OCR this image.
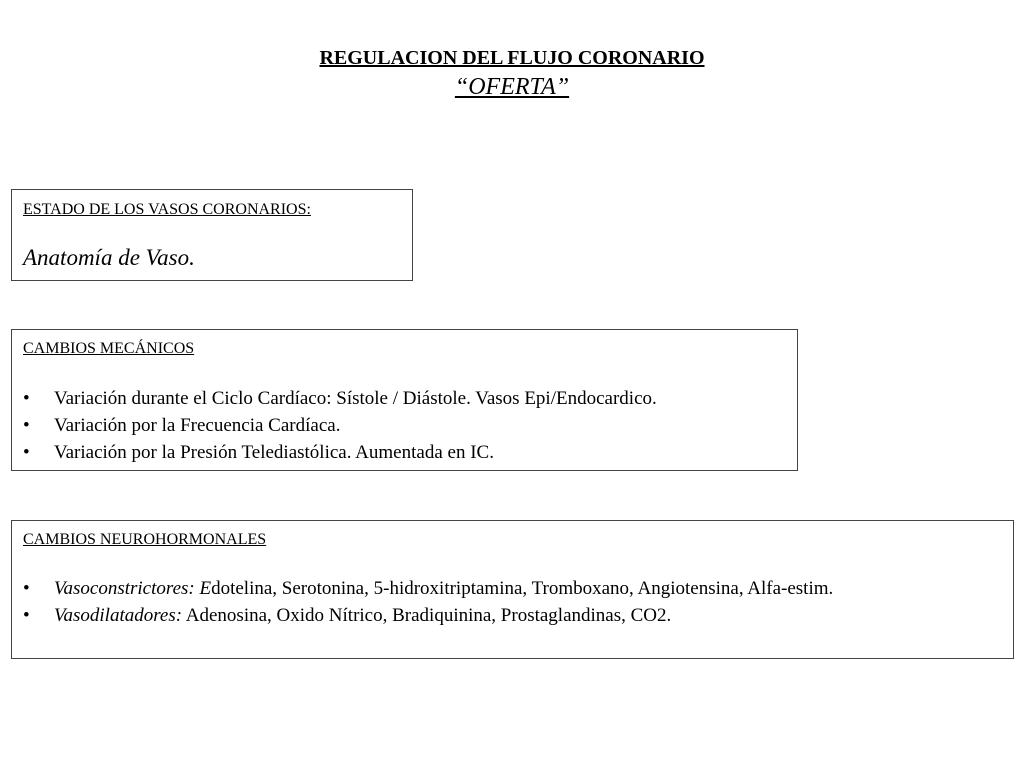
REGULACION DEL FLUJO CORONARIO
“OFERTA”
ESTADO DE LOS VASOS CORONARIOS:
Anatomía de Vaso.
CAMBIOS MECÁNICOS
• Variación durante el Ciclo Cardíaco: Sístole / Diástole. Vasos Epi/Endocardico.
• Variación por la Frecuencia Cardíaca.
• Variación por la Presión Telediastólica. Aumentada en IC.
CAMBIOS NEUROHORMONALES
• Vasoconstrictores: Edotelina, Serotonina, 5-hidroxitriptamina, Tromboxano, Angiotensina, Alfa-estim.
• Vasodilatadores: Adenosina, Oxido Nítrico, Bradiquinina, Prostaglandinas, CO2.
